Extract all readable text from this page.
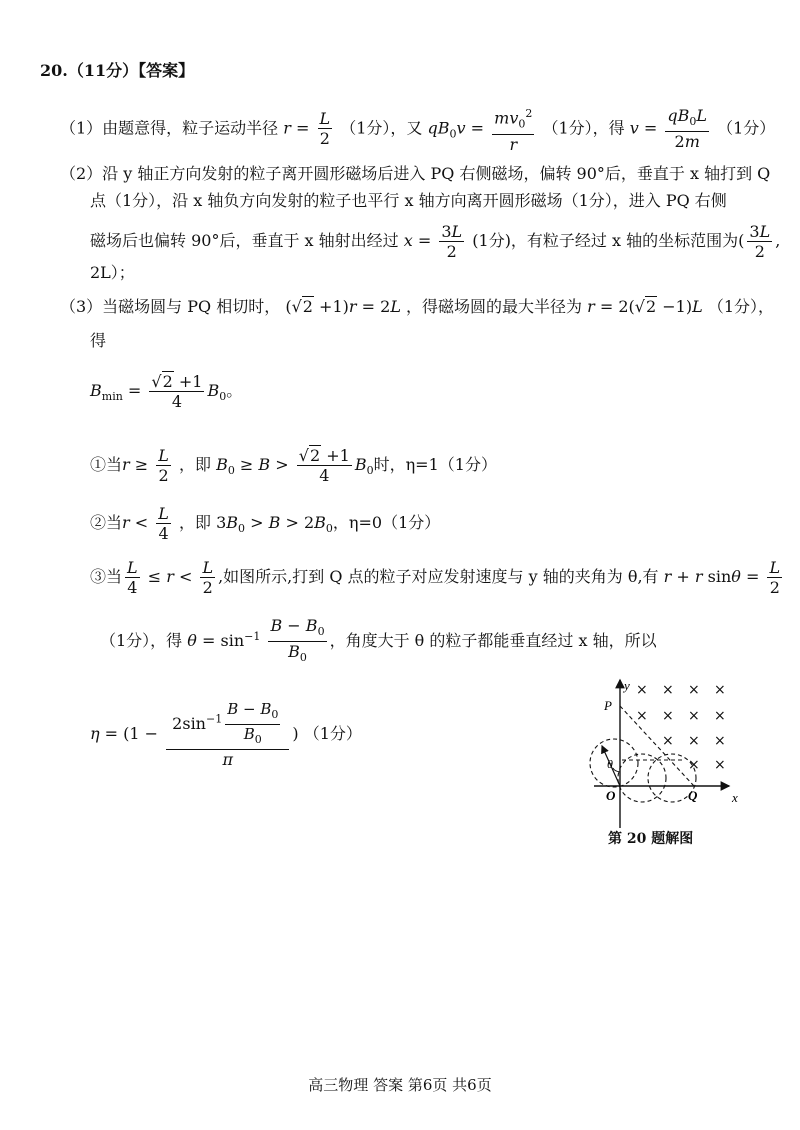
20.（11分）【答案】
（1）由题意得，粒子运动半径 $r = \frac{L}{2} (1$分），又 $qB_0v = \frac{mv_0^2}{r} (1$分），得 $v = \frac{qB_0L}{2m} (1$分）
（2）沿 y 轴正方向发射的粒子离开圆形磁场后进入 PQ 右侧磁场，偏转 90°后，垂直于 x 轴打到 Q
点（1分），沿 x 轴负方向发射的粒子也平行 x 轴方向离开圆形磁场（1分），进入 PQ 右侧
磁场后也偏转 90°后，垂直于 x 轴射出经过 $x = \frac{3L}{2} (1$分)，有粒子经过 x 轴的坐标范围为( $\frac{3L}{2}$ ,
2L）；
（3）当磁场圆与 PQ 相切时， (√2 +1)r = 2L ，得磁场圆的最大半径为 r = 2(√2 −1)L （1分），
得
$B_{min} = \frac{√2 +1}{4} B_0$。
①当$r \ge \frac{L}{2}$ ，即 $B_0 \ge B > \frac{√2 +1}{4} B_0$时，η=1（1分）
②当$r < \frac{L}{4}$ ，即 $3B_0 > B > 2B_0$，η=0（1分）
③当 $\frac{L}{4} \le r < \frac{L}{2}$ ,如图所示,打到 Q 点的粒子对应发射速度与 y 轴的夹角为 θ,有 r + r $\sin\theta = \frac{L}{2}$
（1分），得 $\theta = \sin^{-1} \frac{B - B_0}{B_0}$ ，角度大于 θ 的粒子都能垂直经过 x 轴，所以
$\eta = (1 - \frac{2\sin^{-1} \frac{B - B_0}{B_0}}{\pi}$ ) （1分）
y
P
θ
O	Q	x
× × × ×
× × × ×
× × ×
× ×
第 20 题解图
高三物理 答案 第6页 共6页
